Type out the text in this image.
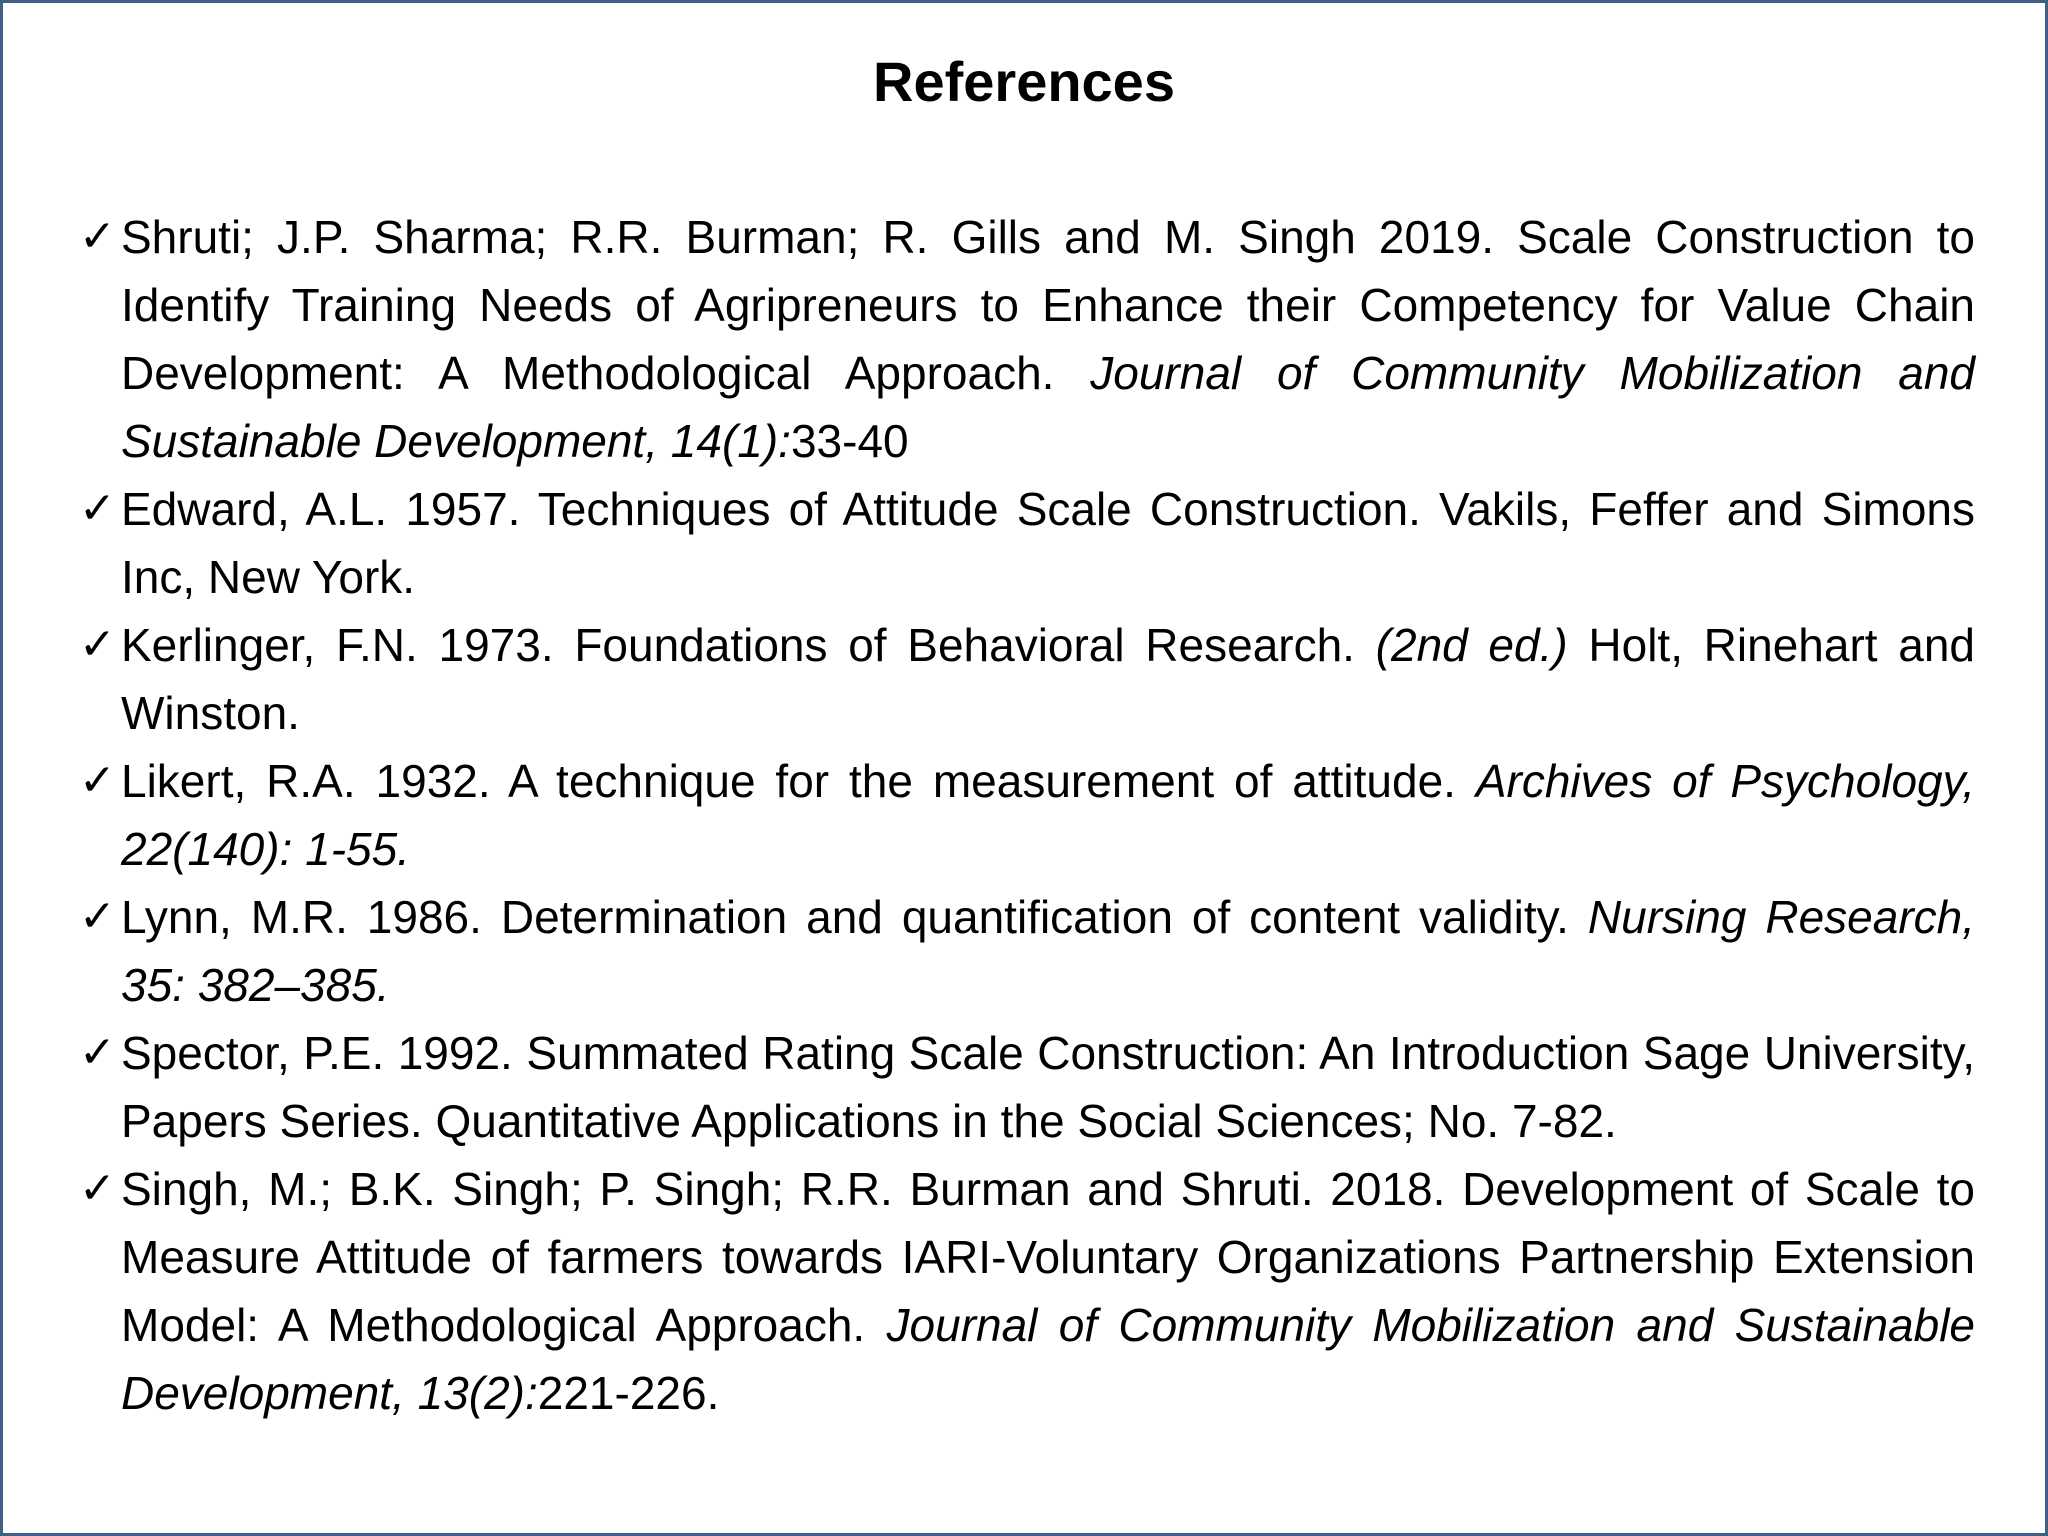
References
✓ Shruti; J.P. Sharma; R.R. Burman; R. Gills and M. Singh 2019. Scale Construction to Identify Training Needs of Agripreneurs to Enhance their Competency for Value Chain Development: A Methodological Approach. Journal of Community Mobilization and Sustainable Development, 14(1):33-40
✓ Edward, A.L. 1957. Techniques of Attitude Scale Construction. Vakils, Feffer and Simons Inc, New York.
✓ Kerlinger, F.N. 1973. Foundations of Behavioral Research. (2nd ed.) Holt, Rinehart and Winston.
✓ Likert, R.A. 1932. A technique for the measurement of attitude. Archives of Psychology, 22(140): 1-55.
✓ Lynn, M.R. 1986. Determination and quantification of content validity. Nursing Research, 35: 382–385.
✓ Spector, P.E. 1992. Summated Rating Scale Construction: An Introduction Sage University, Papers Series. Quantitative Applications in the Social Sciences; No. 7-82.
✓ Singh, M.; B.K. Singh; P. Singh; R.R. Burman and Shruti. 2018. Development of Scale to Measure Attitude of farmers towards IARI-Voluntary Organizations Partnership Extension Model: A Methodological Approach. Journal of Community Mobilization and Sustainable Development, 13(2):221-226.
